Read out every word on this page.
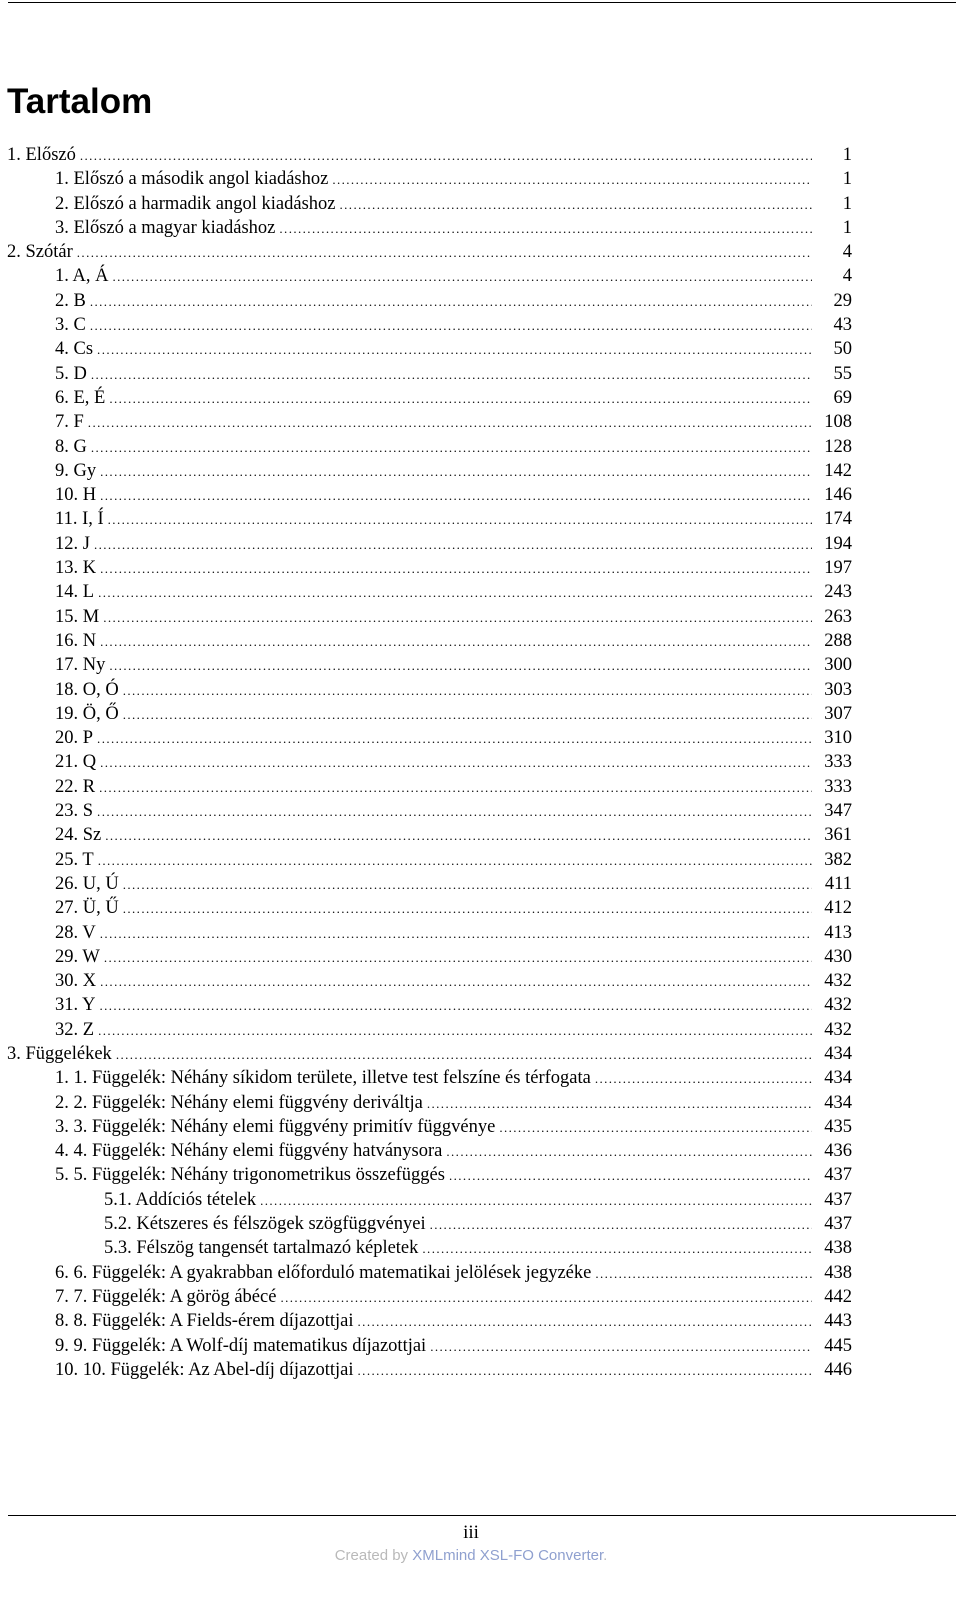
Tartalom
1. Előszó .....	1
1. Előszó a második angol kiadáshoz .....	1
2. Előszó a harmadik angol kiadáshoz .....	1
3. Előszó a magyar kiadáshoz .....	1
2. Szótár .....	4
1. A, Á .....	4
2. B .....	29
3. C .....	43
4. Cs .....	50
5. D .....	55
6. E, É .....	69
7. F .....	108
8. G .....	128
9. Gy .....	142
10. H .....	146
11. I, Í .....	174
12. J .....	194
13. K .....	197
14. L .....	243
15. M .....	263
16. N .....	288
17. Ny .....	300
18. O, Ó .....	303
19. Ö, Ő .....	307
20. P .....	310
21. Q .....	333
22. R .....	333
23. S .....	347
24. Sz .....	361
25. T .....	382
26. U, Ú .....	411
27. Ü, Ű .....	412
28. V .....	413
29. W .....	430
30. X .....	432
31. Y .....	432
32. Z .....	432
3. Függelékek .....	434
1. 1. Függelék: Néhány síkidom területe, illetve test felszíne és térfogata .....	434
2. 2. Függelék: Néhány elemi függvény deriváltja .....	434
3. 3. Függelék: Néhány elemi függvény primitív függvénye .....	435
4. 4. Függelék: Néhány elemi függvény hatványsora .....	436
5. 5. Függelék: Néhány trigonometrikus összefüggés .....	437
5.1. Addíciós tételek .....	437
5.2. Kétszeres és félszögek szögfüggvényei .....	437
5.3. Félszög tangensét tartalmazó képletek .....	438
6. 6. Függelék: A gyakrabban előforduló matematikai jelölések jegyzéke .....	438
7. 7. Függelék: A görög ábécé .....	442
8. 8. Függelék: A Fields-érem díjazottjai .....	443
9. 9. Függelék: A Wolf-díj matematikus díjazottjai .....	445
10. 10. Függelék: Az Abel-díj díjazottjai .....	446
iii
Created by XMLmind XSL-FO Converter.
